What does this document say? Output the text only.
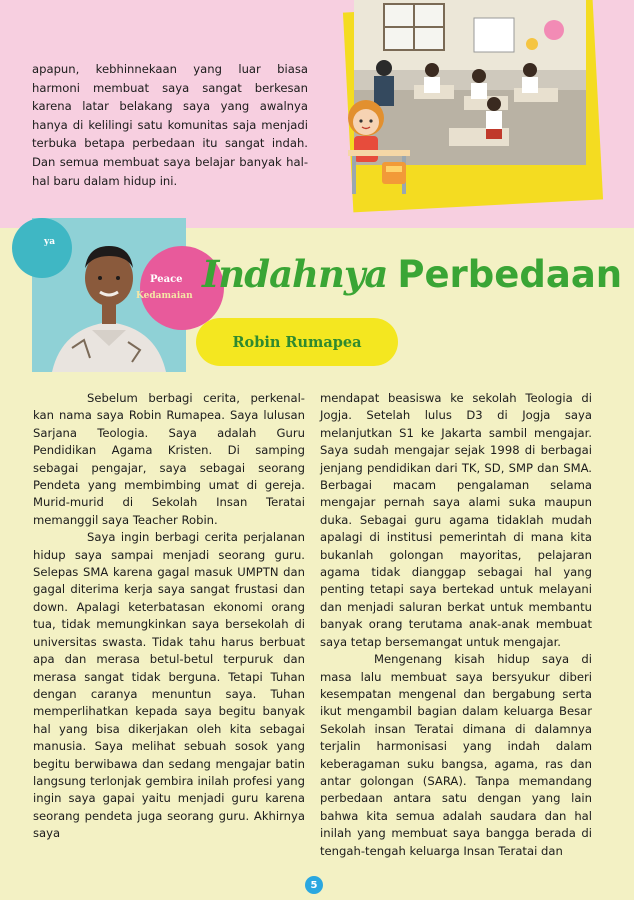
apapun, kebhinnekaan yang luar biasa harmoni membuat saya sangat berkesan karena latar belakang saya yang awalnya hanya di kelilingi satu komunitas saja menjadi terbuka betapa perbedaan itu sangat indah. Dan semua membuat saya belajar banyak hal-hal baru dalam hidup ini.

Peace
Kedamaian
ya
Indahnya Perbedaan
Robin Rumapea

Sebelum berbagi cerita, perkenal-kan nama saya Robin Rumapea. Saya lulusan Sarjana Teologia. Saya adalah Guru Pendidikan Agama Kristen. Di samping sebagai pengajar, saya sebagai seorang Pendeta yang membimbing umat di gereja. Murid-murid di Sekolah Insan Teratai memanggil saya Teacher Robin.

Saya ingin berbagi cerita perjalanan hidup saya sampai menjadi seorang guru. Selepas SMA karena gagal masuk UMPTN dan gagal diterima kerja saya sangat frustasi dan down. Apalagi keterbatasan ekonomi orang tua, tidak memungkinkan saya bersekolah di universitas swasta. Tidak tahu harus berbuat apa dan merasa betul-betul terpuruk dan merasa sangat tidak berguna. Tetapi Tuhan dengan caranya menuntun saya. Tuhan memperlihatkan kepada saya begitu banyak hal yang bisa dikerjakan oleh kita sebagai manusia. Saya melihat sebuah sosok yang begitu berwibawa dan sedang mengajar batin langsung terlonjak gembira inilah profesi yang ingin saya gapai yaitu menjadi guru karena seorang pendeta juga seorang guru. Akhirnya saya

mendapat beasiswa ke sekolah Teologia di Jogja. Setelah lulus D3 di Jogja saya melanjutkan S1 ke Jakarta sambil mengajar. Saya sudah mengajar sejak 1998 di berbagai jenjang pendidikan dari TK, SD, SMP dan SMA. Berbagai macam pengalaman selama mengajar pernah saya alami suka maupun duka. Sebagai guru agama tidaklah mudah apalagi di institusi pemerintah di mana kita bukanlah golongan mayoritas, pelajaran agama tidak dianggap sebagai hal yang penting tetapi saya bertekad untuk melayani dan menjadi saluran berkat untuk membantu banyak orang terutama anak-anak membuat saya tetap bersemangat untuk mengajar.

Mengenang kisah hidup saya di masa lalu membuat saya bersyukur diberi kesempatan mengenal dan bergabung serta ikut mengambil bagian dalam keluarga Besar Sekolah insan Teratai dimana di dalamnya terjalin harmonisasi yang indah dalam keberagaman suku bangsa, agama, ras dan antar golongan (SARA). Tanpa memandang perbedaan antara satu dengan yang lain bahwa kita semua adalah saudara dan hal inilah yang membuat saya bangga berada di tengah-tengah keluarga Insan Teratai dan

5
